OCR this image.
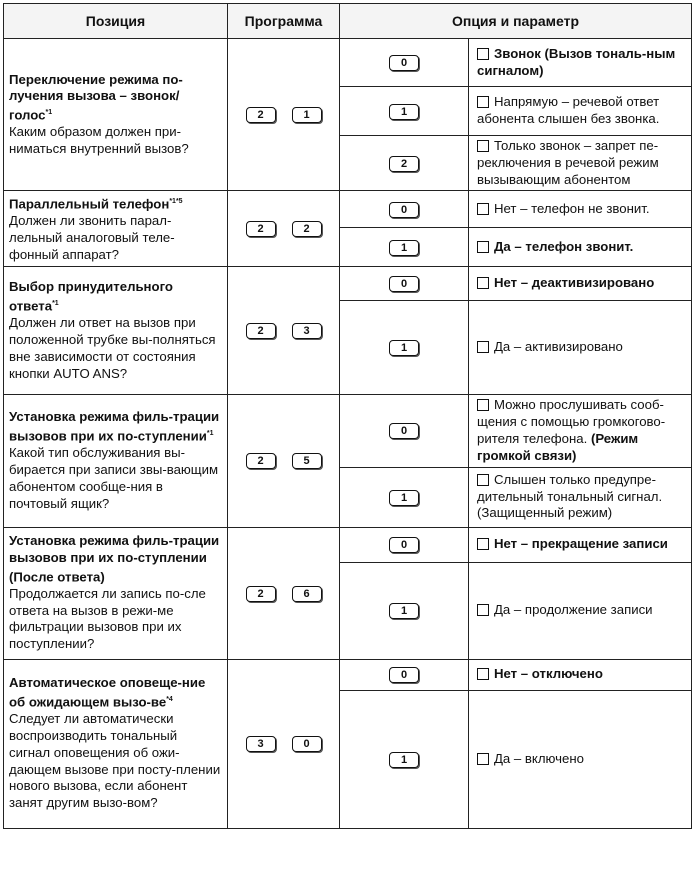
Позиция	Программа	Опция и параметр	

Переключение режима по-лучения вызова – звонок/голос$^{*1}$
Каким образом должен при-ниматься внутренний вызов?	2 1	0	Звонок (Вызов тональ-ным сигналом)
		1	Напрямую – речевой ответ абонента слышен без звонка.
		2	Только звонок – запрет пе-реключения в речевой режим вызывающим абонентом

Параллельный телефон$^{*1*5}$
Должен ли звонить парал-лельный аналоговый теле-фонный аппарат?	2 2	0	Нет – телефон не звонит.
		1	Да – телефон звонит.

Выбор принудительного ответа$^{*1}$
Должен ли ответ на вызов при положенной трубке вы-полняться вне зависимости от состояния кнопки AUTO ANS?	2 3	0	Нет – деактивизировано
		1	Да – активизировано

Установка режима филь-трации вызовов при их по-ступлении$^{*1}$
Какой тип обслуживания вы-бирается при записи звы-вающим абонентом сообще-ния в почтовый ящик?	2 5	0	Можно прослушивать сооб-щения с помощью громкогово-рителя телефона. (Режим громкой связи)
		1	Слышен только предупре-дительный тональный сигнал. (Защищенный режим)

Установка режима филь-трации вызовов при их по-ступлении (После ответа)
Продолжается ли запись по-сле ответа на вызов в режи-ме фильтрации вызовов при их поступлении?	2 6	0	Нет – прекращение записи
		1	Да – продолжение записи

Автоматическое оповеще-ние об ожидающем вызо-$ве^{*4}$
Следует ли автоматически воспроизводить тональный сигнал оповещения об ожи-дающем вызове при посту-плении нового вызова, если абонент занят другим вызо-вом?	3 0	0	Нет – отключено
		1	Да – включено
